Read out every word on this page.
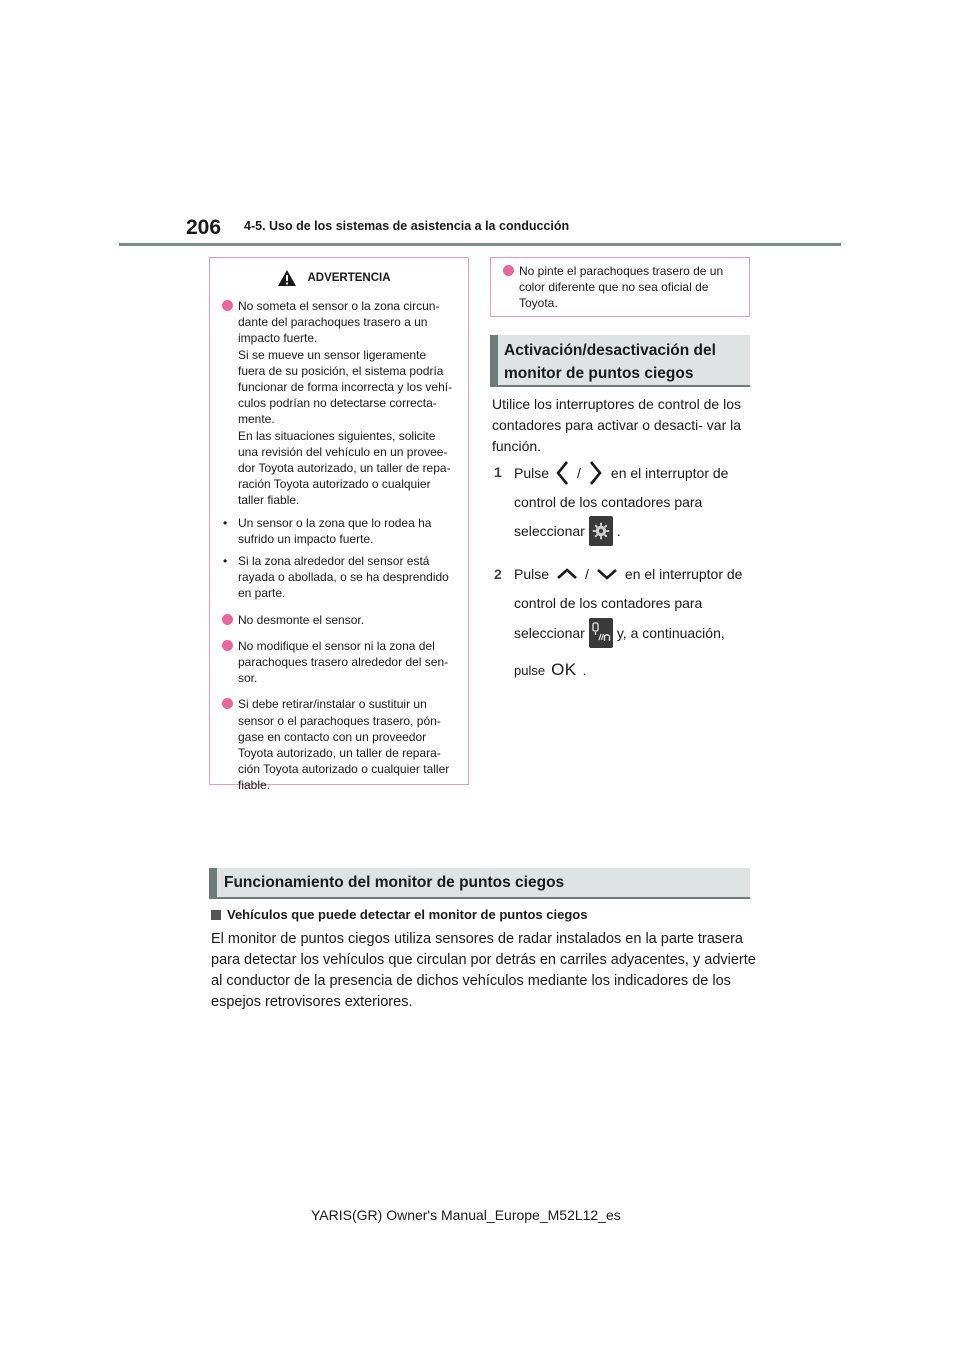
206 4-5. Uso de los sistemas de asistencia a la conducción
ADVERTENCIA

No someta el sensor o la zona circun-
dante del parachoques trasero a un
impacto fuerte.
Si se mueve un sensor ligeramente
fuera de su posición, el sistema podría
funcionar de forma incorrecta y los vehí-
culos podrían no detectarse correcta-
mente.
En las situaciones siguientes, solicite
una revisión del vehículo en un provee-
dor Toyota autorizado, un taller de repa-
ración Toyota autorizado o cualquier
taller fiable.

• Un sensor o la zona que lo rodea ha
sufrido un impacto fuerte.

• Si la zona alrededor del sensor está
rayada o abollada, o se ha desprendido
en parte.

No desmonte el sensor.

No modifique el sensor ni la zona del
parachoques trasero alrededor del sen-
sor.

Si debe retirar/instalar o sustituir un
sensor o el parachoques trasero, pón-
gase en contacto con un proveedor
Toyota autorizado, un taller de repara-
ción Toyota autorizado o cualquier taller
fiable.

No pinte el parachoques trasero de un
color diferente que no sea oficial de
Toyota.

Activación/desactivación del monitor de puntos ciegos
Utilice los interruptores de control de los contadores para activar o desacti- var la función.
1 Pulse / en el interruptor de
control de los contadores para
seleccionar .
2 Pulse	/	en el interruptor de
control de los contadores para
seleccionar y, a continuación,
pulse OK .
Funcionamiento del monitor de puntos ciegos
Vehículos que puede detectar el monitor de puntos ciegos
El monitor de puntos ciegos utiliza sensores de radar instalados en la parte trasera para detectar los vehículos que circulan por detrás en carriles adyacentes, y advierte al conductor de la presencia de dichos vehículos mediante los indicadores de los espejos retrovisores exteriores.
YARIS(GR) Owner's Manual_Europe_M52L12_es
